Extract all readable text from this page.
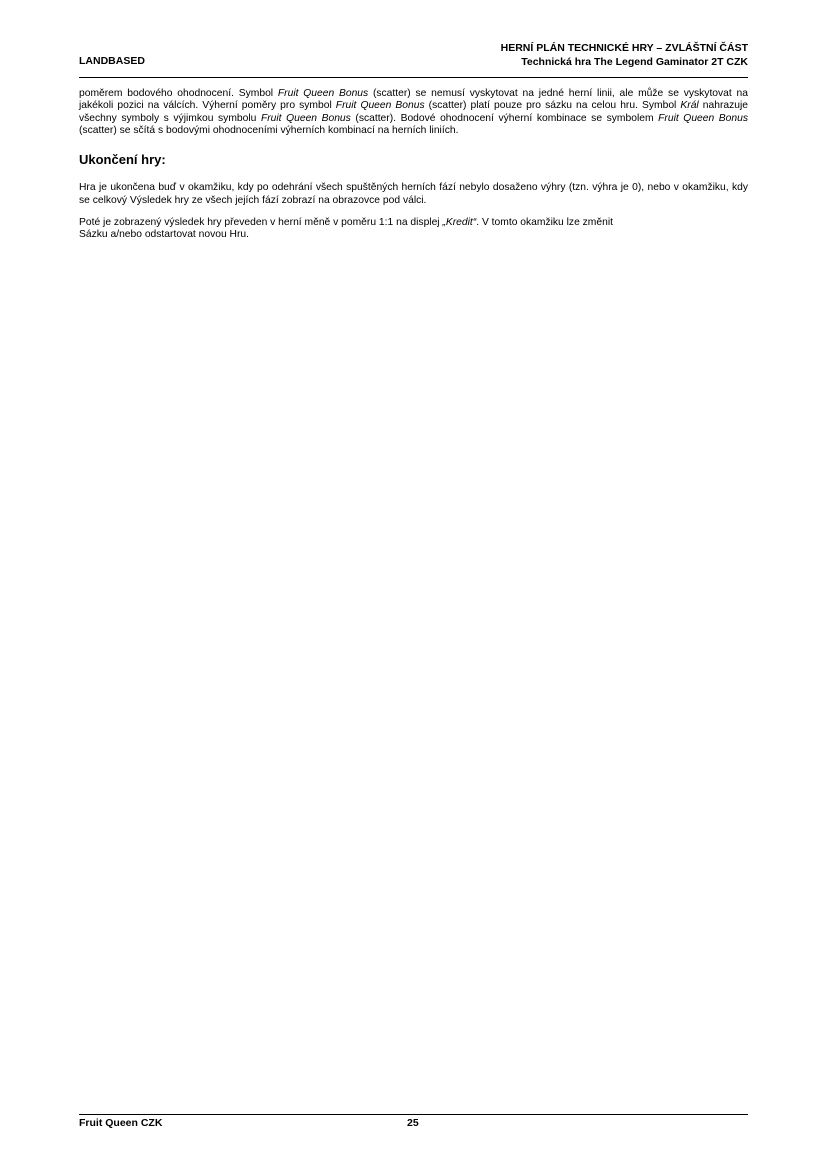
LANDBASED
HERNÍ PLÁN TECHNICKÉ HRY – ZVLÁŠTNÍ ČÁST
Technická hra The Legend Gaminator 2T CZK

poměrem bodového ohodnocení. Symbol Fruit Queen Bonus (scatter) se nemusí vyskytovat na jedné herní linii, ale může se vyskytovat na jakékoli pozici na válcích. Výherní poměry pro symbol Fruit Queen Bonus (scatter) platí pouze pro sázku na celou hru. Symbol Král nahrazuje všechny symboly s výjimkou symbolu Fruit Queen Bonus (scatter). Bodové ohodnocení výherní kombinace se symbolem Fruit Queen Bonus (scatter) se sčítá s bodovými ohodnoceními výherních kombinací na herních liniích.

Ukončení hry:

Hra je ukončena buď v okamžiku, kdy po odehrání všech spuštěných herních fází nebylo dosaženo výhry (tzn. výhra je 0), nebo v okamžiku, kdy se celkový Výsledek hry ze všech jejích fází zobrazí na obrazovce pod válci.

Poté je zobrazený výsledek hry převeden v herní měně v poměru 1:1 na displej „Kredit“. V tomto okamžiku lze změnit
Sázku a/nebo odstartovat novou Hru.

Fruit Queen CZK	25
